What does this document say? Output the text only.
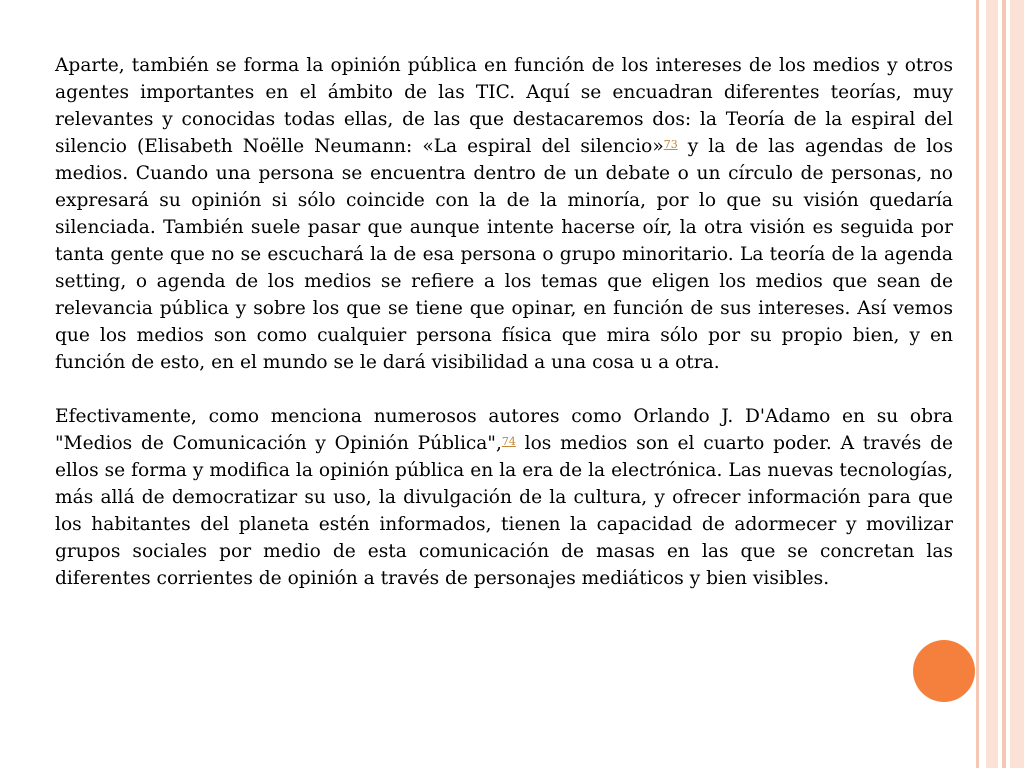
Aparte, también se forma la opinión pública en función de los intereses de los medios y otros agentes importantes en el ámbito de las TIC. Aquí se encuadran diferentes teorías, muy relevantes y conocidas todas ellas, de las que destacaremos dos: la Teoría de la espiral del silencio (Elisabeth Noëlle Neumann: «La espiral del silencio»$^{73}$ y la de las agendas de los medios. Cuando una persona se encuentra dentro de un debate o un círculo de personas, no expresará su opinión si sólo coincide con la de la minoría, por lo que su visión quedaría silenciada. También suele pasar que aunque intente hacerse oír, la otra visión es seguida por tanta gente que no se escuchará la de esa persona o grupo minoritario. La teoría de la agenda setting, o agenda de los medios se refiere a los temas que eligen los medios que sean de relevancia pública y sobre los que se tiene que opinar, en función de sus intereses. Así vemos que los medios son como cualquier persona física que mira sólo por su propio bien, y en función de esto, en el mundo se le dará visibilidad a una cosa u a otra.

Efectivamente, como menciona numerosos autores como Orlando J. D'Adamo en su obra "Medios de Comunicación y Opinión Pública",$^{74}$ los medios son el cuarto poder. A través de ellos se forma y modifica la opinión pública en la era de la electrónica. Las nuevas tecnologías, más allá de democratizar su uso, la divulgación de la cultura, y ofrecer información para que los habitantes del planeta estén informados, tienen la capacidad de adormecer y movilizar grupos sociales por medio de esta comunicación de masas en las que se concretan las diferentes corrientes de opinión a través de personajes mediáticos y bien visibles.
